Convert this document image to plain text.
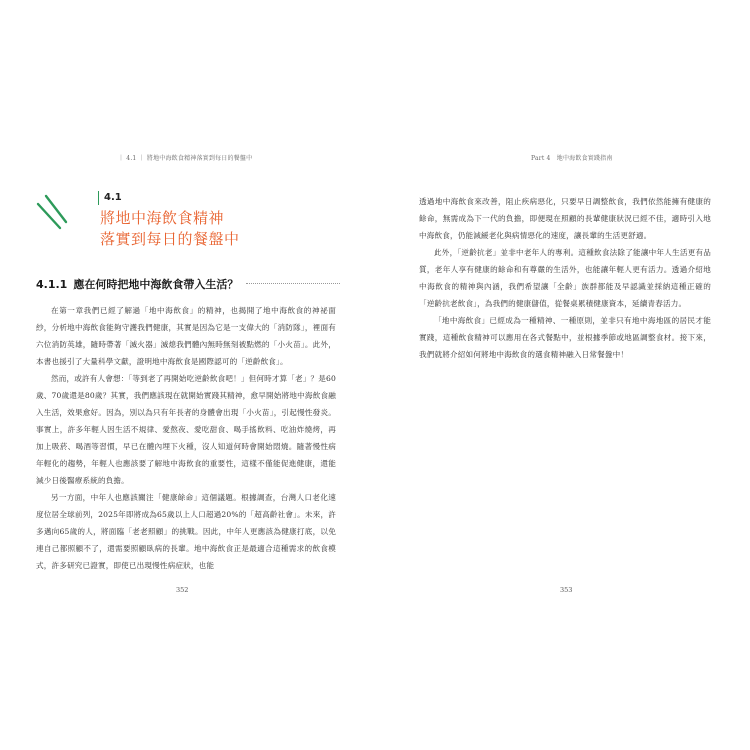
｜ 4.1 ｜ 將地中海飲食精神落實到每日的餐盤中
4.1
將地中海飲食精神
落實到每日的餐盤中
4.1.1 應在何時把地中海飲食帶入生活？

在第一章我們已經了解過「地中海飲食」的精神，也揭開了地中海飲食的神祕面紗，分析地中海飲食能夠守護我們健康，其實是因為它是一支偉大的「消防隊」，裡面有六位消防英雄，隨時帶著「滅火器」滅熄我們體內無時無刻被點燃的「小火苗」。此外，本書也援引了大量科學文獻，證明地中海飲食是國際認可的「逆齡飲食」。

然而，或許有人會想：「等到老了再開始吃逆齡飲食吧！」但何時才算「老」？是60歲、70歲還是80歲？其實，我們應該現在就開始實踐其精神，愈早開始將地中海飲食融入生活，效果愈好。因為，別以為只有年長者的身體會出現「小火苗」，引起慢性發炎。事實上，許多年輕人因生活不規律、愛熬夜、愛吃甜食、喝手搖飲料、吃油炸燒烤，再加上吸菸、喝酒等習慣，早已在體內埋下火種，沒人知道何時會開始悶燒。隨著慢性病年輕化的趨勢，年輕人也應該要了解地中海飲食的重要性，這樣不僅能促進健康，還能減少日後醫療系統的負擔。

另一方面，中年人也應該關注「健康餘命」這個議題。根據調查，台灣人口老化速度位居全球前列，2025年即將成為65歲以上人口超過20%的「超高齡社會」。未來，許多邁向65歲的人，將面臨「老老照顧」的挑戰。因此，中年人更應該為健康打底，以免連自己都照顧不了，還需要照顧臥病的長輩。地中海飲食正是最適合這種需求的飲食模式，許多研究已證實，即使已出現慢性病症狀，也能

352
Part 4　地中海飲食實踐指南

透過地中海飲食來改善，阻止疾病惡化，只要早日調整飲食，我們依然能擁有健康的餘命，無需成為下一代的負擔，即便現在照顧的長輩健康狀況已經不佳，適時引入地中海飲食，仍能減緩老化與病情惡化的速度，讓長輩的生活更舒適。

此外，「逆齡抗老」並非中老年人的專利。這種飲食法除了能讓中年人生活更有品質，老年人享有健康的餘命和有尊嚴的生活外，也能讓年輕人更有活力。透過介紹地中海飲食的精神與內涵，我們希望讓「全齡」族群都能及早認識並採納這種正確的「逆齡抗老飲食」，為我們的健康儲值，從餐桌累積健康資本，延續青春活力。

「地中海飲食」已經成為一種精神、一種原則，並非只有地中海地區的居民才能實踐，這種飲食精神可以應用在各式餐點中，並根據季節或地區調整食材。接下來，我們就將介紹如何將地中海飲食的選食精神融入日常餐盤中！

353
